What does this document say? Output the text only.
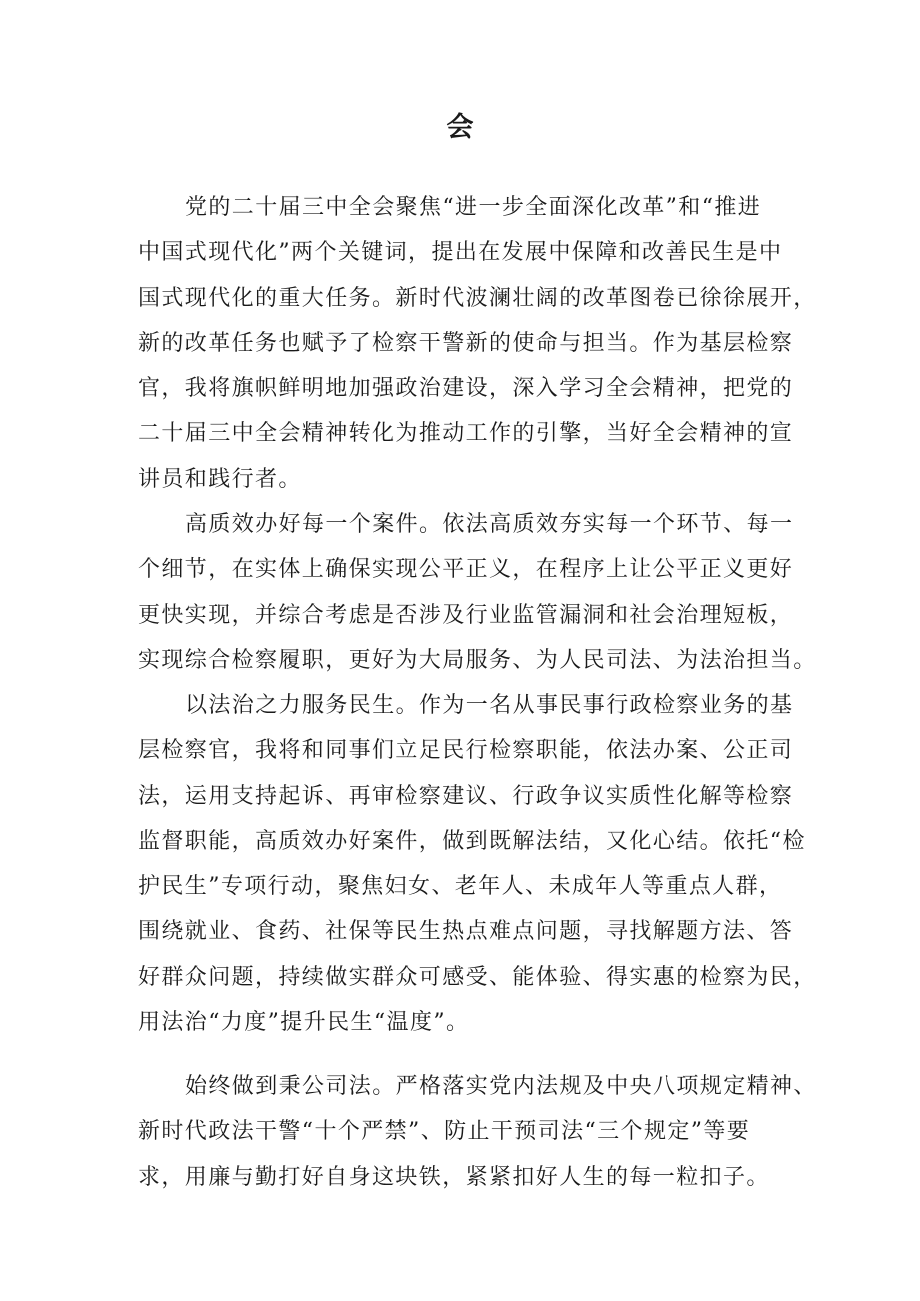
会

党的二十届三中全会聚焦“进一步全面深化改革”和“推进
中国式现代化”两个关键词，提出在发展中保障和改善民生是中
国式现代化的重大任务。新时代波澜壮阔的改革图卷已徐徐展开，
新的改革任务也赋予了检察干警新的使命与担当。作为基层检察
官，我将旗帜鲜明地加强政治建设，深入学习全会精神，把党的
二十届三中全会精神转化为推动工作的引擎，当好全会精神的宣
讲员和践行者。

高质效办好每一个案件。依法高质效夯实每一个环节、每一
个细节，在实体上确保实现公平正义，在程序上让公平正义更好
更快实现，并综合考虑是否涉及行业监管漏洞和社会治理短板，
实现综合检察履职，更好为大局服务、为人民司法、为法治担当。

以法治之力服务民生。作为一名从事民事行政检察业务的基
层检察官，我将和同事们立足民行检察职能，依法办案、公正司
法，运用支持起诉、再审检察建议、行政争议实质性化解等检察
监督职能，高质效办好案件，做到既解法结，又化心结。依托“检
护民生”专项行动，聚焦妇女、老年人、未成年人等重点人群，
围绕就业、食药、社保等民生热点难点问题，寻找解题方法、答
好群众问题，持续做实群众可感受、能体验、得实惠的检察为民，
用法治“力度”提升民生“温度”。

始终做到秉公司法。严格落实党内法规及中央八项规定精神、
新时代政法干警“十个严禁”、防止干预司法“三个规定”等要
求，用廉与勤打好自身这块铁，紧紧扣好人生的每一粒扣子。
